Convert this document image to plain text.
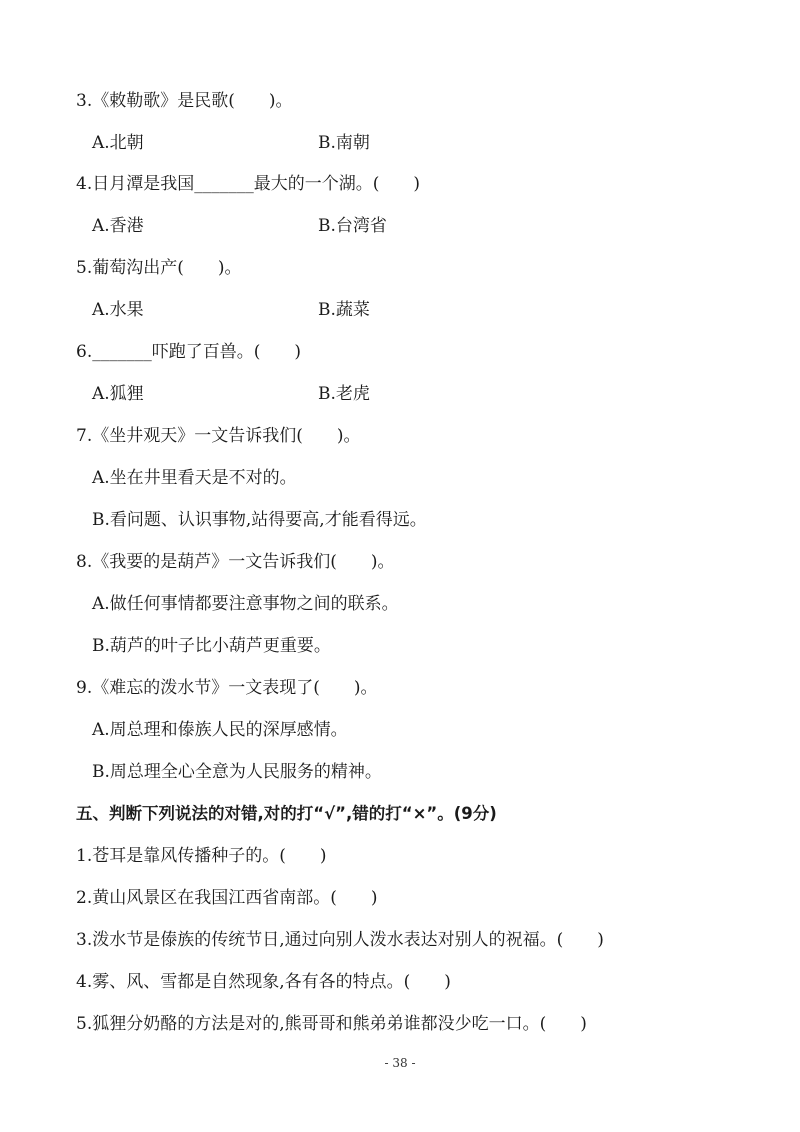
3.《敕勒歌》是民歌(　　)。
A.北朝	B.南朝
4.日月潭是我国_______最大的一个湖。(　　)
A.香港	B.台湾省
5.葡萄沟出产(　　)。
A.水果	B.蔬菜
6._______吓跑了百兽。(　　)
A.狐狸	B.老虎
7.《坐井观天》一文告诉我们(　　)。
A.坐在井里看天是不对的。
B.看问题、认识事物,站得要高,才能看得远。
8.《我要的是葫芦》一文告诉我们(　　)。
A.做任何事情都要注意事物之间的联系。
B.葫芦的叶子比小葫芦更重要。
9.《难忘的泼水节》一文表现了(　　)。
A.周总理和傣族人民的深厚感情。
B.周总理全心全意为人民服务的精神。
五、判断下列说法的对错,对的打“√”,错的打“×”。(9分)
1.苍耳是靠风传播种子的。(　　)
2.黄山风景区在我国江西省南部。(　　)
3.泼水节是傣族的传统节日,通过向别人泼水表达对别人的祝福。(　　)
4.雾、风、雪都是自然现象,各有各的特点。(　　)
5.狐狸分奶酪的方法是对的,熊哥哥和熊弟弟谁都没少吃一口。(　　)
- 38 -
